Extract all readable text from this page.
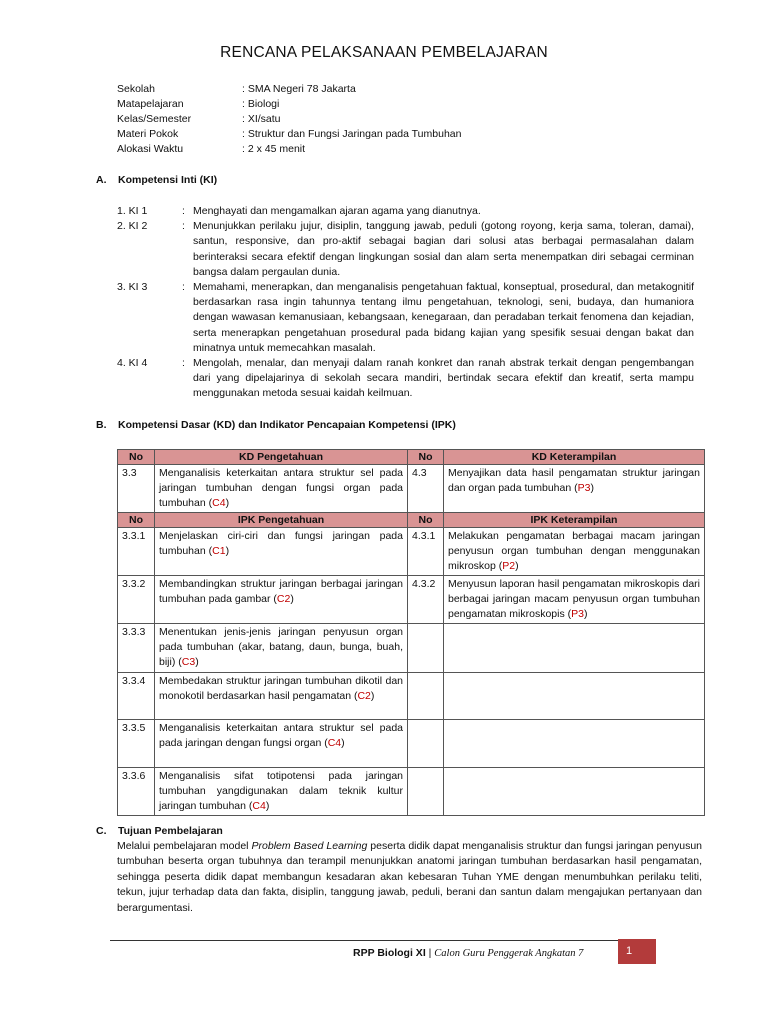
RENCANA PELAKSANAAN PEMBELAJARAN
Sekolah	: SMA Negeri 78 Jakarta
Matapelajaran	: Biologi
Kelas/Semester	: XI/satu
Materi Pokok	: Struktur dan Fungsi Jaringan pada Tumbuhan
Alokasi Waktu	: 2 x 45 menit
A. Kompetensi Inti (KI)
1. KI 1	: Menghayati dan mengamalkan ajaran agama yang dianutnya.
2. KI 2	: Menunjukkan perilaku jujur, disiplin, tanggung jawab, peduli (gotong royong, kerja sama, toleran, damai), santun, responsive, dan pro-aktif sebagai bagian dari solusi atas berbagai permasalahan dalam berinteraksi secara efektif dengan lingkungan sosial dan alam serta menempatkan diri sebagai cerminan bangsa dalam pergaulan dunia.
3. KI 3	: Memahami, menerapkan, dan menganalisis pengetahuan faktual, konseptual, prosedural, dan metakognitif berdasarkan rasa ingin tahunnya tentang ilmu pengetahuan, teknologi, seni, budaya, dan humaniora dengan wawasan kemanusiaan, kebangsaan, kenegaraan, dan peradaban terkait fenomena dan kejadian, serta menerapkan pengetahuan prosedural pada bidang kajian yang spesifik sesuai dengan bakat dan minatnya untuk memecahkan masalah.
4. KI 4	: Mengolah, menalar, dan menyaji dalam ranah konkret dan ranah abstrak terkait dengan pengembangan dari yang dipelajarinya di sekolah secara mandiri, bertindak secara efektif dan kreatif, serta mampu menggunakan metoda sesuai kaidah keilmuan.
B. Kompetensi Dasar (KD) dan Indikator Pencapaian Kompetensi (IPK)
No	KD Pengetahuan	No	KD Keterampilan
3.3	Menganalisis keterkaitan antara struktur sel pada jaringan tumbuhan dengan fungsi organ pada tumbuhan (C4)	4.3	Menyajikan data hasil pengamatan struktur jaringan dan organ pada tumbuhan (P3)
No	IPK Pengetahuan	No	IPK Keterampilan
3.3.1	Menjelaskan ciri-ciri dan fungsi jaringan pada tumbuhan (C1)	4.3.1	Melakukan pengamatan berbagai macam jaringan penyusun organ tumbuhan dengan menggunakan mikroskop (P2)
3.3.2	Membandingkan struktur jaringan berbagai jaringan tumbuhan pada gambar (C2)	4.3.2	Menyusun laporan hasil pengamatan mikroskopis dari berbagai jaringan macam penyusun organ tumbuhan pengamatan mikroskopis (P3)
3.3.3	Menentukan jenis-jenis jaringan penyusun organ pada tumbuhan (akar, batang, daun, bunga, buah, biji) (C3)		
3.3.4	Membedakan struktur jaringan tumbuhan dikotil dan monokotil berdasarkan hasil pengamatan (C2)		
3.3.5	Menganalisis keterkaitan antara struktur sel pada pada jaringan dengan fungsi organ (C4)		
3.3.6	Menganalisis sifat totipotensi pada jaringan tumbuhan yangdigunakan dalam teknik kultur jaringan tumbuhan (C4)		
C. Tujuan Pembelajaran
Melalui pembelajaran model Problem Based Learning peserta didik dapat menganalisis struktur dan fungsi jaringan penyusun tumbuhan beserta organ tubuhnya dan terampil menunjukkan anatomi jaringan tumbuhan berdasarkan hasil pengamatan, sehingga peserta didik dapat membangun kesadaran akan kebesaran Tuhan YME dengan menumbuhkan perilaku teliti, tekun, jujur terhadap data dan fakta, disiplin, tanggung jawab, peduli, berani dan santun dalam mengajukan pertanyaan dan berargumentasi.
RPP Biologi XI | Calon Guru Penggerak Angkatan 7	1
